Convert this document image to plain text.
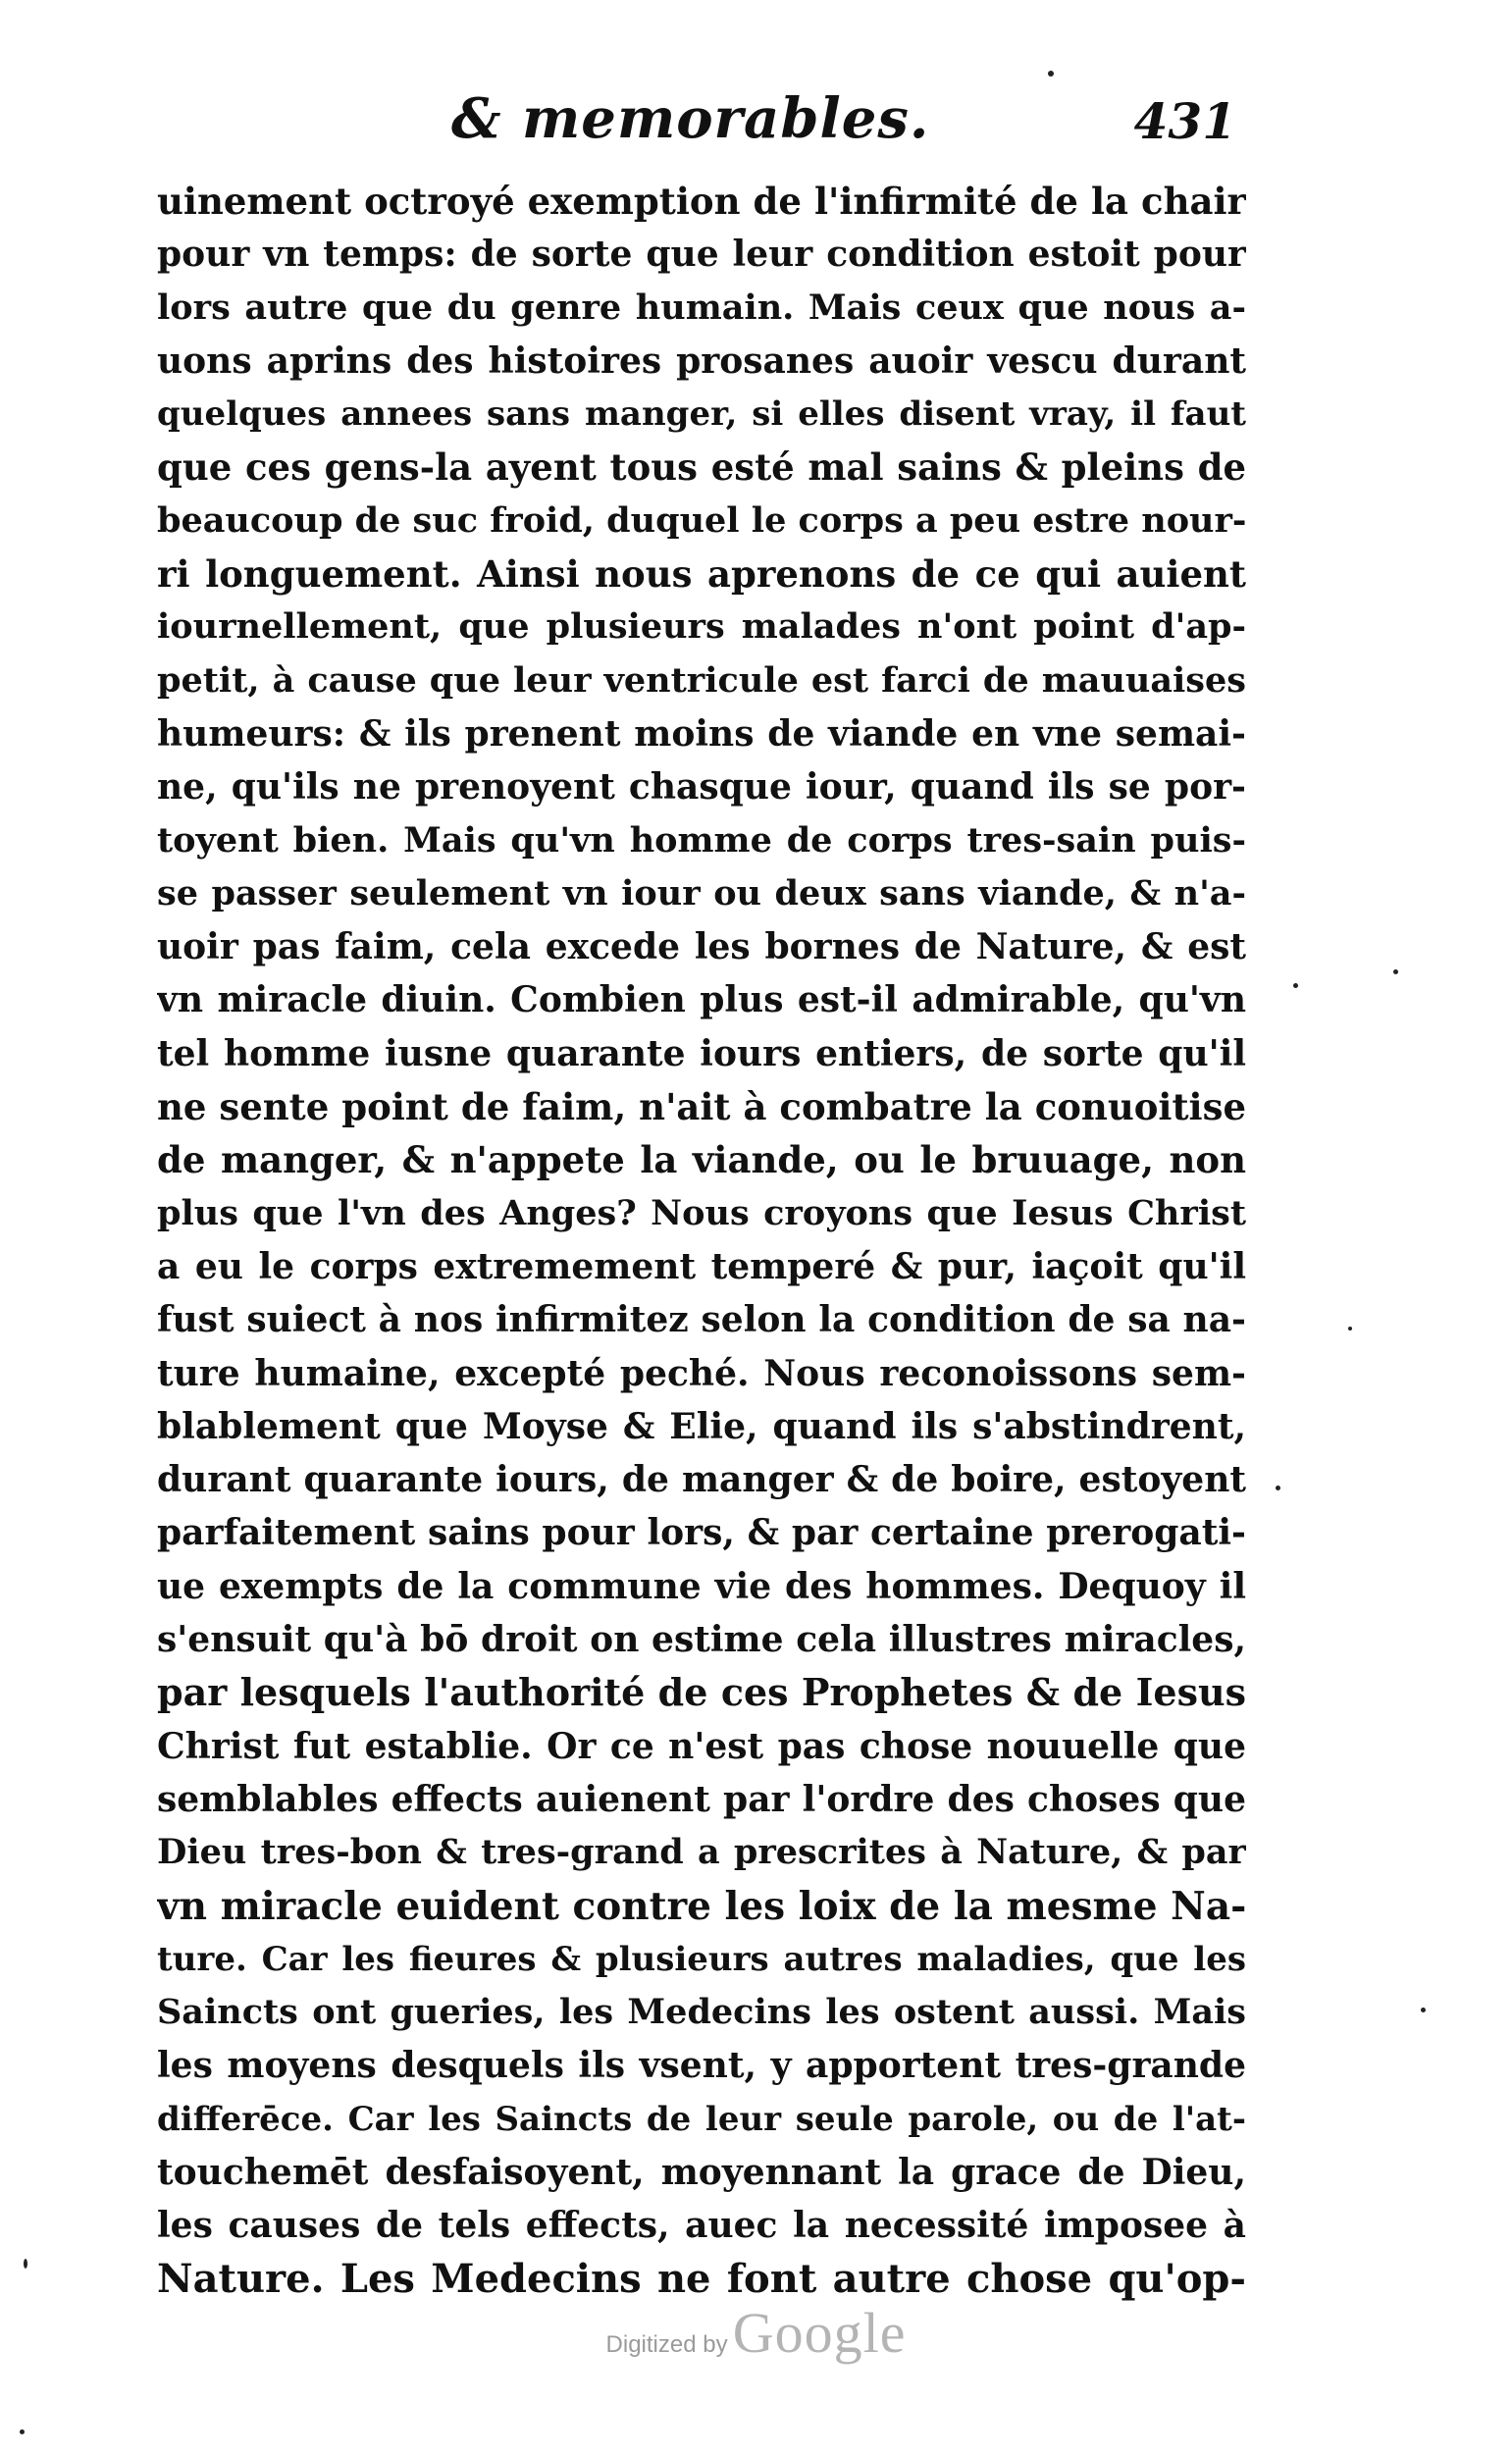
& memorables.	431
uinement octroyé exemption de l'infirmité de la chair
pour vn temps: de sorte que leur condition estoit pour
lors autre que du genre humain. Mais ceux que nous a-
uons aprins des histoires prosanes auoir vescu durant
quelques annees sans manger, si elles disent vray, il faut
que ces gens-la ayent tous esté mal sains & pleins de
beaucoup de suc froid, duquel le corps a peu estre nour-
ri longuement. Ainsi nous aprenons de ce qui auient
iournellement, que plusieurs malades n'ont point d'ap-
petit, à cause que leur ventricule est farci de mauuaises
humeurs: & ils prenent moins de viande en vne semai-
ne, qu'ils ne prenoyent chasque iour, quand ils se por-
toyent bien. Mais qu'vn homme de corps tres-sain puis-
se passer seulement vn iour ou deux sans viande, & n'a-
uoir pas faim, cela excede les bornes de Nature, & est
vn miracle diuin. Combien plus est-il admirable, qu'vn
tel homme iusne quarante iours entiers, de sorte qu'il
ne sente point de faim, n'ait à combatre la conuoitise
de manger, & n'appete la viande, ou le bruuage, non
plus que l'vn des Anges? Nous croyons que Iesus Christ
a eu le corps extremement temperé & pur, iaçoit qu'il
fust suiect à nos infirmitez selon la condition de sa na-
ture humaine, excepté peché. Nous reconoissons sem-
blablement que Moyse & Elie, quand ils s'abstindrent,
durant quarante iours, de manger & de boire, estoyent
parfaitement sains pour lors, & par certaine prerogati-
ue exempts de la commune vie des hommes. Dequoy il
s'ensuit qu'à bō droit on estime cela illustres miracles,
par lesquels l'authorité de ces Prophetes & de Iesus
Christ fut establie. Or ce n'est pas chose nouuelle que
semblables effects auienent par l'ordre des choses que
Dieu tres-bon & tres-grand a prescrites à Nature, & par
vn miracle euident contre les loix de la mesme Na-
ture. Car les fieures & plusieurs autres maladies, que les
Saincts ont gueries, les Medecins les ostent aussi. Mais
les moyens desquels ils vsent, y apportent tres-grande
differēce. Car les Saincts de leur seule parole, ou de l'at-
touchemēt desfaisoyent, moyennant la grace de Dieu,
les causes de tels effects, auec la necessité imposee à
Nature. Les Medecins ne font autre chose qu'op-
Digitized by Google
